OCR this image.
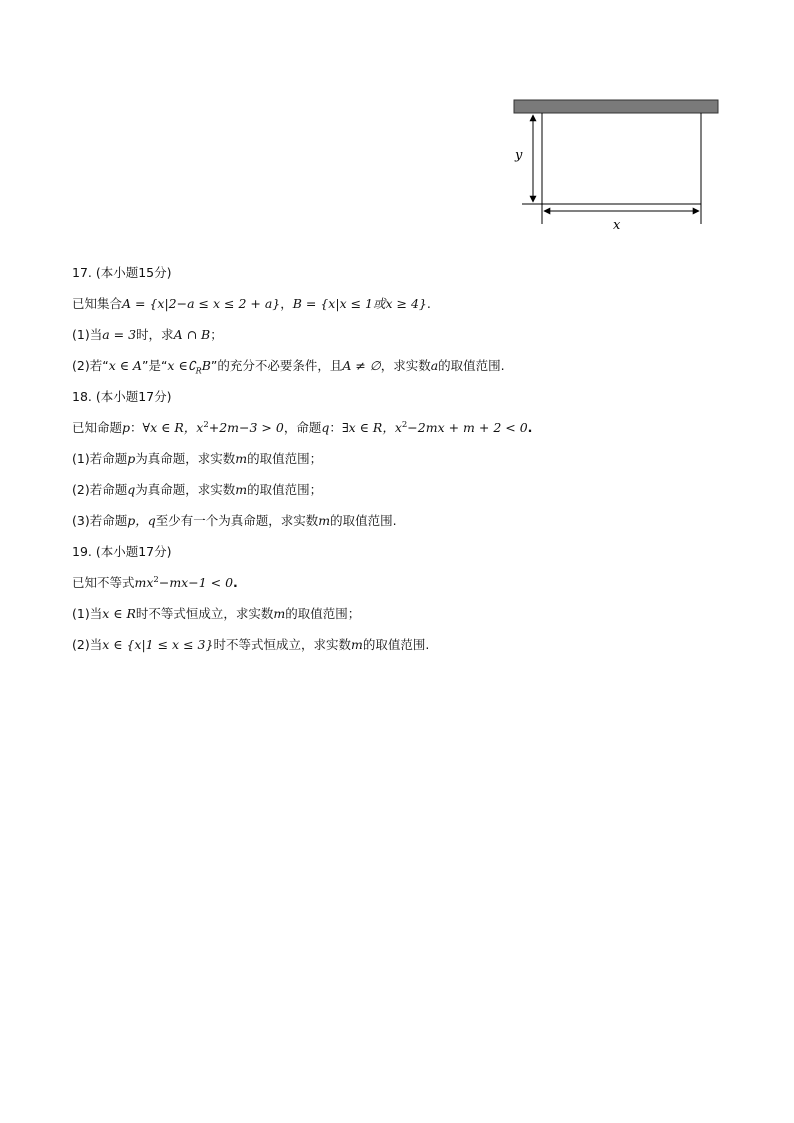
y
x
17. (本小题15分)
已知集合A = {x|2−a ≤ x ≤ 2 + a}，B = {x|x ≤ 1或x ≥ 4}.
(1)当a = 3时，求A ∩ B；
(2)若“x ∈ A”是“x $\in∁_RB$”的充分不必要条件，且A ≠ ∅，求实数a的取值范围.
18. (本小题17分)
已知命题p：∀x ∈ R，$x^2+2m-3 > 0$，命题q：∃x ∈ R，$x^2-2mx + m + 2 < 0$.
(1)若命题p为真命题，求实数m的取值范围；
(2)若命题q为真命题，求实数m的取值范围；
(3)若命题p，q至少有一个为真命题，求实数m的取值范围.
19. (本小题17分)
已知不等式$mx^2-mx-1 < 0$.
(1)当x ∈ R时不等式恒成立，求实数m的取值范围；
(2)当x ∈ {x|1 ≤ x ≤ 3}时不等式恒成立，求实数m的取值范围.
